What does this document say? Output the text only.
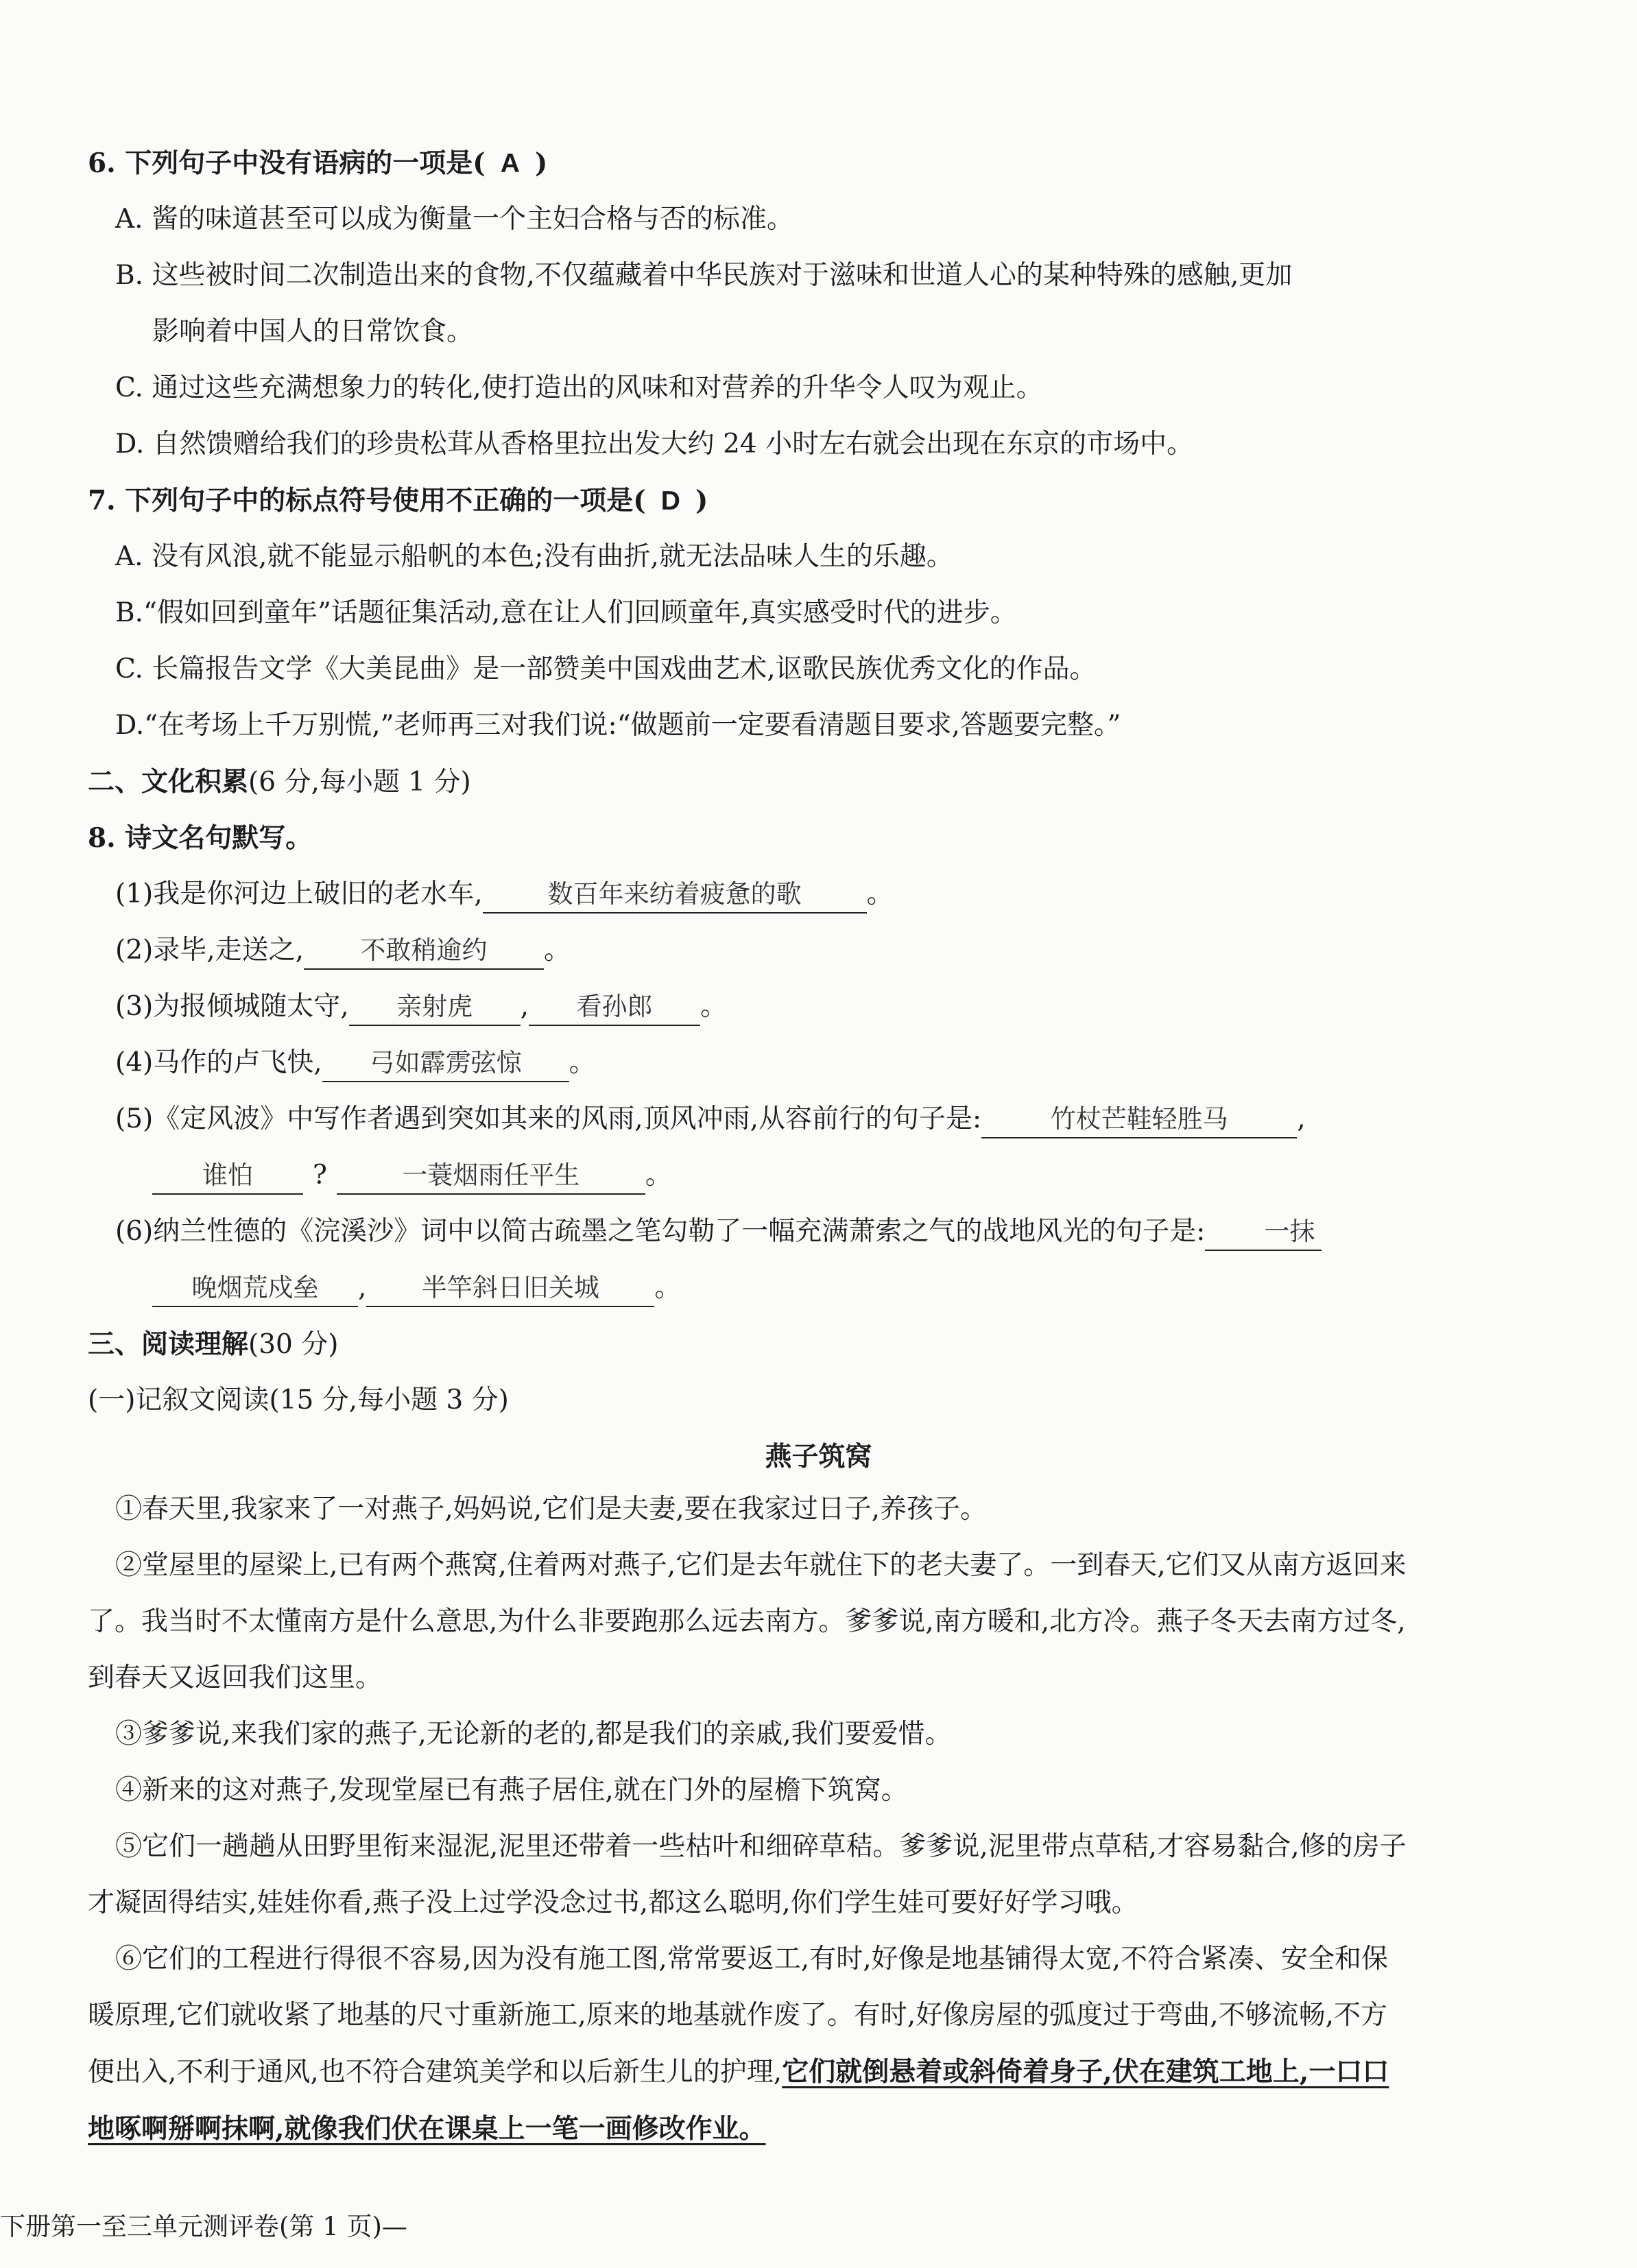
6. 下列句子中没有语病的一项是( A )
A. 酱的味道甚至可以成为衡量一个主妇合格与否的标准。
B. 这些被时间二次制造出来的食物,不仅蕴藏着中华民族对于滋味和世道人心的某种特殊的感触,更加
影响着中国人的日常饮食。
C. 通过这些充满想象力的转化,使打造出的风味和对营养的升华令人叹为观止。
D. 自然馈赠给我们的珍贵松茸从香格里拉出发大约 24 小时左右就会出现在东京的市场中。
7. 下列句子中的标点符号使用不正确的一项是( D )
A. 没有风浪,就不能显示船帆的本色;没有曲折,就无法品味人生的乐趣。
B.“假如回到童年”话题征集活动,意在让人们回顾童年,真实感受时代的进步。
C. 长篇报告文学《大美昆曲》是一部赞美中国戏曲艺术,讴歌民族优秀文化的作品。
D.“在考场上千万别慌,”老师再三对我们说:“做题前一定要看清题目要求,答题要完整。”
二、文化积累(6 分,每小题 1 分)
8. 诗文名句默写。
(1)我是你河边上破旧的老水车,	数百年来纺着疲惫的歌 。
(2)录毕,走送之, 不敢稍逾约 。
(3)为报倾城随太守, 亲射虎 , 看孙郎 。
(4)马作的卢飞快, 弓如霹雳弦惊 。
(5)《定风波》中写作者遇到突如其来的风雨,顶风冲雨,从容前行的句子是:	竹杖芒鞋轻胜马	,
谁怕 ?	一蓑烟雨任平生 。
(6)纳兰性德的《浣溪沙》词中以简古疏墨之笔勾勒了一幅充满萧索之气的战地风光的句子是: 一抹
晚烟荒戍垒 , 半竿斜日旧关城 。
三、阅读理解(30 分)
(一)记叙文阅读(15 分,每小题 3 分)
燕子筑窝
①春天里,我家来了一对燕子,妈妈说,它们是夫妻,要在我家过日子,养孩子。
②堂屋里的屋梁上,已有两个燕窝,住着两对燕子,它们是去年就住下的老夫妻了。一到春天,它们又从南方返回来了。我当时不太懂南方是什么意思,为什么非要跑那么远去南方。爹爹说,南方暖和,北方冷。燕子冬天去南方过冬,到春天又返回我们这里。
③爹爹说,来我们家的燕子,无论新的老的,都是我们的亲戚,我们要爱惜。
④新来的这对燕子,发现堂屋已有燕子居住,就在门外的屋檐下筑窝。
⑤它们一趟趟从田野里衔来湿泥,泥里还带着一些枯叶和细碎草秸。爹爹说,泥里带点草秸,才容易黏合,修的房子才凝固得结实,娃娃你看,燕子没上过学没念过书,都这么聪明,你们学生娃可要好好学习哦。
⑥它们的工程进行得很不容易,因为没有施工图,常常要返工,有时,好像是地基铺得太宽,不符合紧凑、安全和保暖原理,它们就收紧了地基的尺寸重新施工,原来的地基就作废了。有时,好像房屋的弧度过于弯曲,不够流畅,不方便出入,不利于通风,也不符合建筑美学和以后新生儿的护理,它们就倒悬着或斜倚着身子,伏在建筑工地上,一口口地啄啊掰啊抹啊,就像我们伏在课桌上一笔一画修改作业。
下册第一至三单元测评卷(第 1 页)—
